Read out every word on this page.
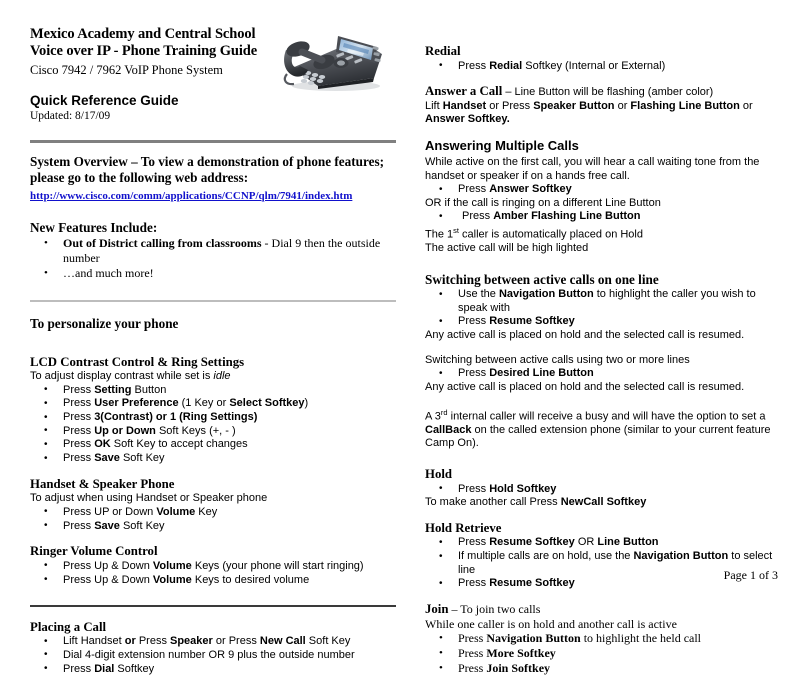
Mexico Academy and Central School
Voice over IP - Phone Training Guide
Cisco 7942 / 7962 VoIP Phone System
Quick Reference Guide
Updated: 8/17/09
System Overview – To view a demonstration of phone features;
please go to the following web address:
http://www.cisco.com/comm/applications/CCNP/qlm/7941/index.htm
New Features Include:
• Out of District calling from classrooms - Dial 9 then the outside number
• …and much more!
To personalize your phone
LCD Contrast Control & Ring Settings
To adjust display contrast while set is idle
• Press Setting Button
• Press User Preference (1 Key or Select Softkey)
• Press 3(Contrast) or 1 (Ring Settings)
• Press Up or Down Soft Keys (+, - )
• Press OK Soft Key to accept changes
• Press Save Soft Key
Handset & Speaker Phone
To adjust when using Handset or Speaker phone
• Press UP or Down Volume Key
• Press Save Soft Key
Ringer Volume Control
• Press Up & Down Volume Keys (your phone will start ringing)
• Press Up & Down Volume Keys to desired volume
Placing a Call
• Lift Handset or Press Speaker or Press New Call Soft Key
• Dial 4-digit extension number OR 9 plus the outside number
• Press Dial Softkey
Redial
• Press Redial Softkey (Internal or External)
Answer a Call – Line Button will be flashing (amber color)
Lift Handset or Press Speaker Button or Flashing Line Button or Answer Softkey.
Answering Multiple Calls
While active on the first call, you will hear a call waiting tone from the handset or speaker if on a hands free call.
• Press Answer Softkey
OR if the call is ringing on a different Line Button
• Press Amber Flashing Line Button
The 1st caller is automatically placed on Hold
The active call will be high lighted
Switching between active calls on one line
• Use the Navigation Button to highlight the caller you wish to speak with
• Press Resume Softkey
Any active call is placed on hold and the selected call is resumed.
Switching between active calls using two or more lines
• Press Desired Line Button
Any active call is placed on hold and the selected call is resumed.
A 3rd internal caller will receive a busy and will have the option to set a CallBack on the called extension phone (similar to your current feature Camp On).
Hold
• Press Hold Softkey
To make another call Press NewCall Softkey
Hold Retrieve
• Press Resume Softkey OR Line Button
• If multiple calls are on hold, use the Navigation Button to select line
• Press Resume Softkey
Join – To join two calls
While one caller is on hold and another call is active
• Press Navigation Button to highlight the held call
• Press More Softkey
• Press Join Softkey
Page 1 of 3
